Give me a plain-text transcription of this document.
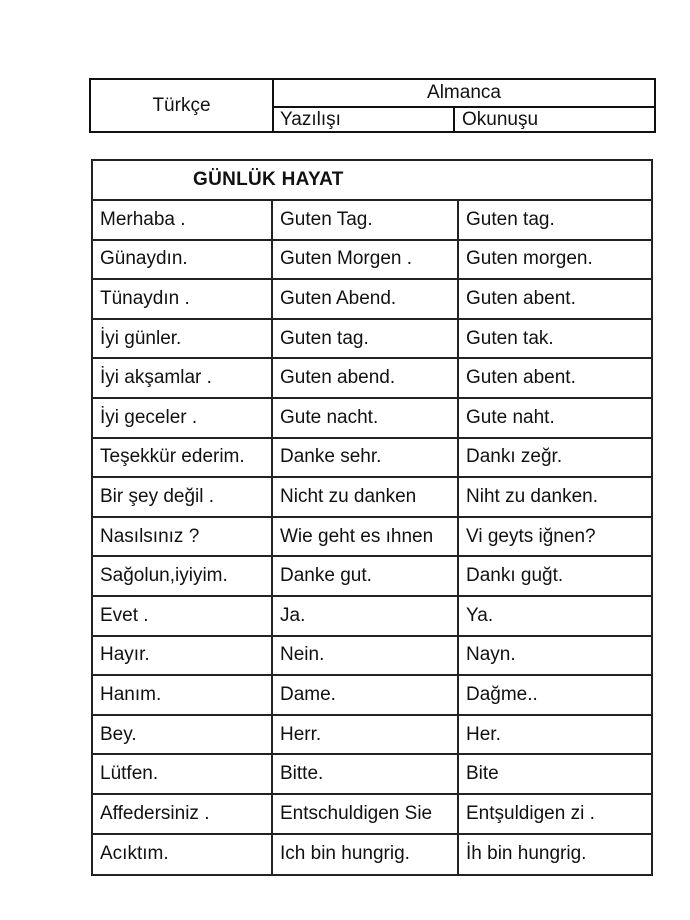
Türkçe
Almanca
Yazılışı	Okunuşu
GÜNLÜK HAYAT
Merhaba .	Guten Tag.	Guten tag.
Günaydın.	Guten Morgen .	Guten morgen.
Tünaydın .	Guten Abend.	Guten abent.
İyi günler.	Guten tag.	Guten tak.
İyi akşamlar .	Guten abend.	Guten abent.
İyi geceler .	Gute nacht.	Gute naht.
Teşekkür ederim.	Danke sehr.	Dankı zeğr.
Bir şey değil .	Nicht zu danken	Niht zu danken.
Nasılsınız ?	Wie geht es ıhnen	Vi geyts iğnen?
Sağolun,iyiyim.	Danke gut.	Dankı guğt.
Evet .	Ja.	Ya.
Hayır.	Nein.	Nayn.
Hanım.	Dame.	Dağme..
Bey.	Herr.	Her.
Lütfen.	Bitte.	Bite
Affedersiniz .	Entschuldigen Sie	Entşuldigen zi .
Acıktım.	Ich bin hungrig.	İh bin hungrig.
